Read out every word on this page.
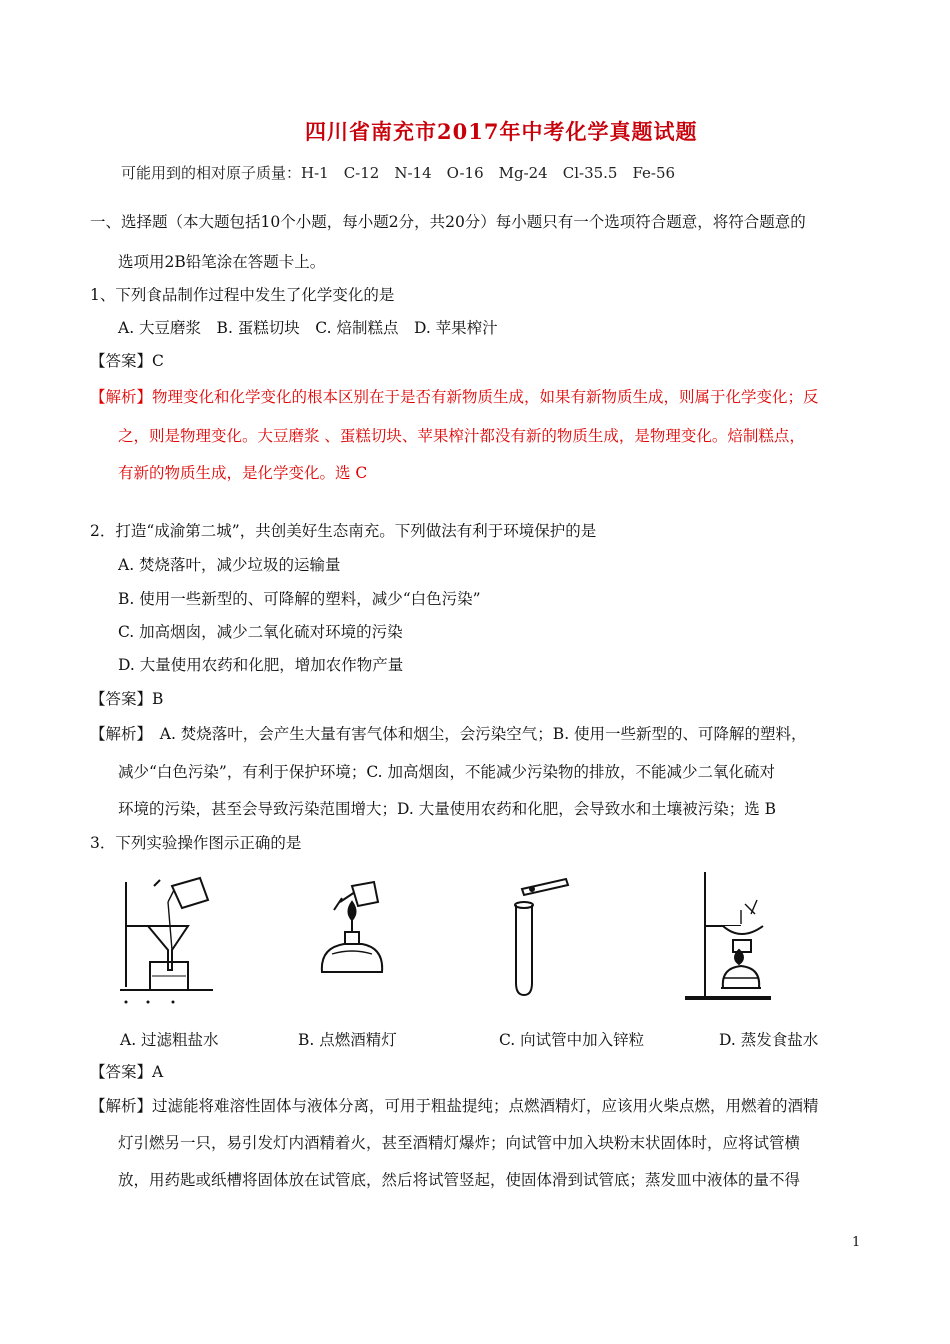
四川省南充市2017年中考化学真题试题
可能用到的相对原子质量：H-1　C-12　N-14　O-16　Mg-24　Cl-35.5　Fe-56
一、选择题（本大题包括10个小题，每小题2分，共20分）每小题只有一个选项符合题意，将符合题意的
选项用2B铅笔涂在答题卡上。
1、下列食品制作过程中发生了化学变化的是
A. 大豆磨浆　B. 蛋糕切块　C. 焙制糕点　D. 苹果榨汁
【答案】C
【解析】物理变化和化学变化的根本区别在于是否有新物质生成，如果有新物质生成，则属于化学变化；反
之，则是物理变化。大豆磨浆 、蛋糕切块、苹果榨汁都没有新的物质生成，是物理变化。焙制糕点，
有新的物质生成，是化学变化。选 C
2．打造“成渝第二城”，共创美好生态南充。下列做法有利于环境保护的是
A. 焚烧落叶，减少垃圾的运输量
B. 使用一些新型的、可降解的塑料，减少“白色污染”
C. 加高烟囱，减少二氧化硫对环境的污染
D. 大量使用农药和化肥，增加农作物产量
【答案】B
【解析】　A. 焚烧落叶，会产生大量有害气体和烟尘，会污染空气；B. 使用一些新型的、可降解的塑料，
减少“白色污染”，有利于保护环境；C. 加高烟囱，不能减少污染物的排放，不能减少二氧化硫对
环境的污染，甚至会导致污染范围增大；D. 大量使用农药和化肥，会导致水和土壤被污染；选 B
3．下列实验操作图示正确的是
A. 过滤粗盐水	B. 点燃酒精灯	C. 向试管中加入锌粒	D. 蒸发食盐水
【答案】A
【解析】过滤能将难溶性固体与液体分离，可用于粗盐提纯；点燃酒精灯，应该用火柴点燃，用燃着的酒精
灯引燃另一只，易引发灯内酒精着火，甚至酒精灯爆炸；向试管中加入块粉末状固体时，应将试管横
放，用药匙或纸槽将固体放在试管底，然后将试管竖起，使固体滑到试管底；蒸发皿中液体的量不得
1
